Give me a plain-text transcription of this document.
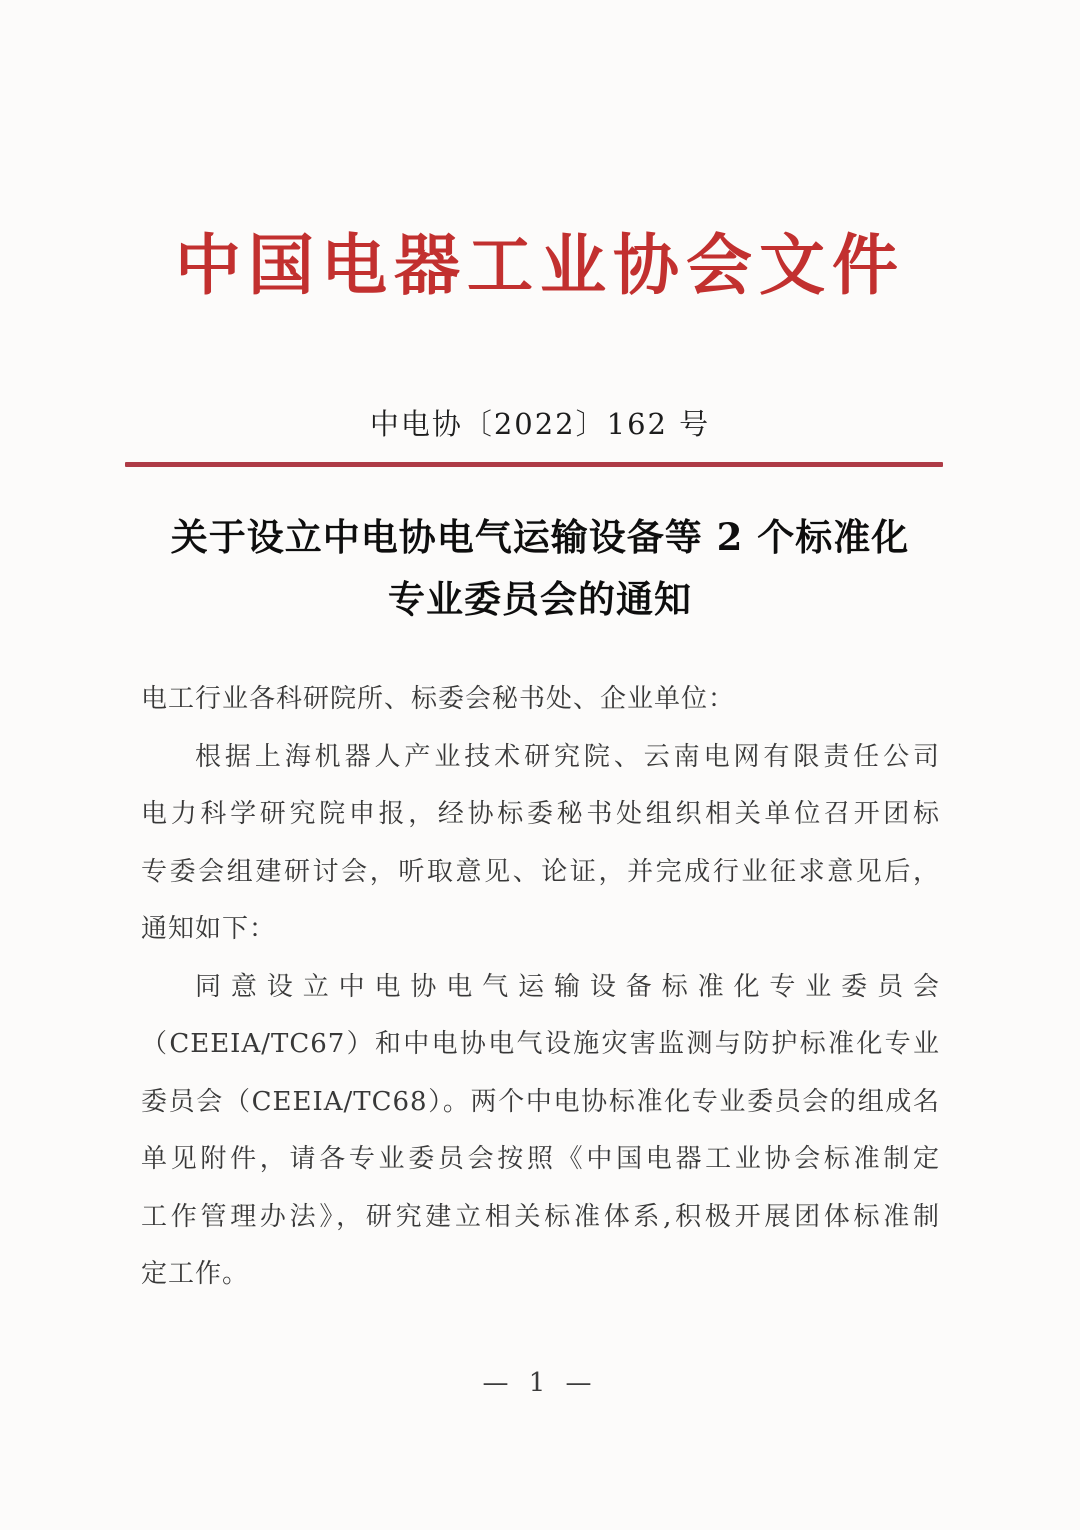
中国电器工业协会文件
中电协〔2022〕162 号
关于设立中电协电气运输设备等 2 个标准化
专业委员会的通知
电工行业各科研院所、标委会秘书处、企业单位：
根据上海机器人产业技术研究院、云南电网有限责任公司
电力科学研究院申报，经协标委秘书处组织相关单位召开团标
专委会组建研讨会，听取意见、论证，并完成行业征求意见后，
通知如下：
同意设立中电协电气运输设备标准化专业委员会
（CEEIA/TC67）和中电协电气设施灾害监测与防护标准化专业
委员会（CEEIA/TC68）。两个中电协标准化专业委员会的组成名
单见附件，请各专业委员会按照《中国电器工业协会标准制定
工作管理办法》，研究建立相关标准体系,积极开展团体标准制
定工作。
— 1 —
